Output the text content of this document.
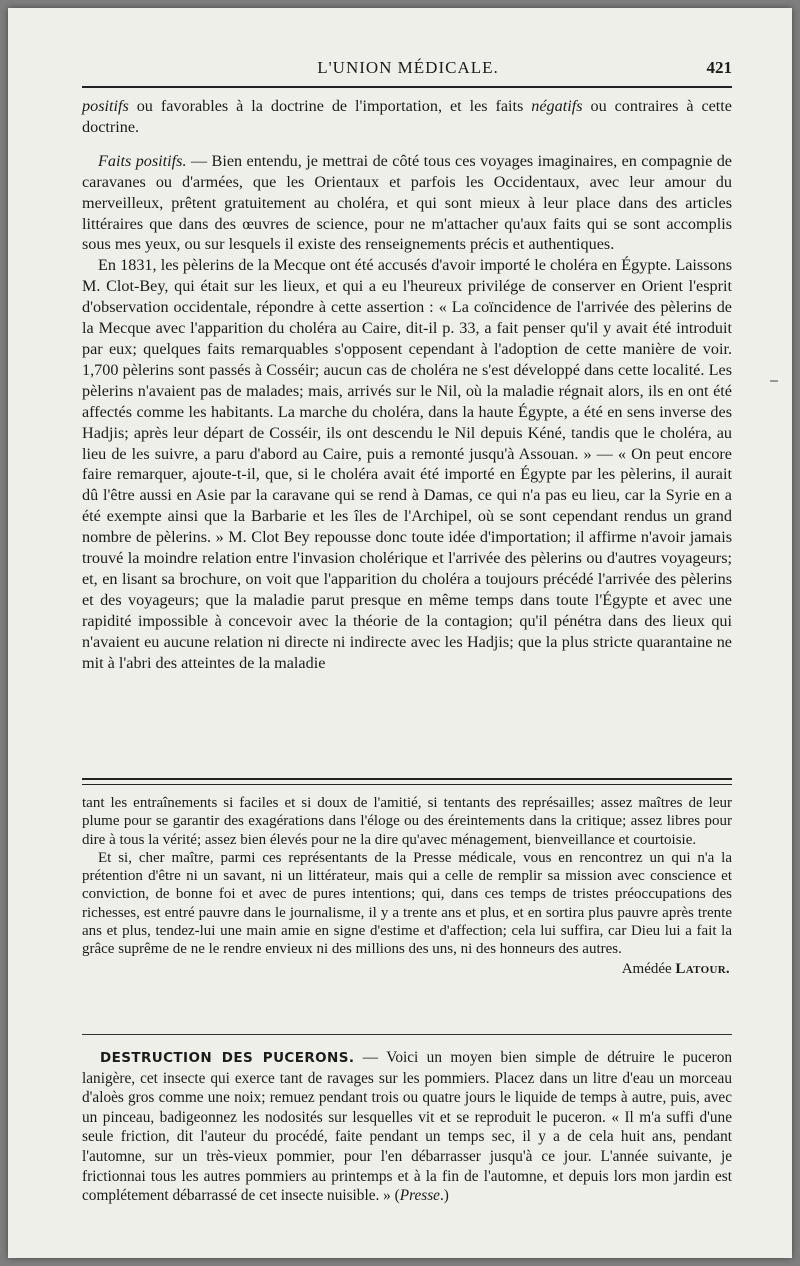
L'UNION MÉDICALE.	421

positifs ou favorables à la doctrine de l'importation, et les faits négatifs ou contraires à cette doctrine.

Faits positifs. — Bien entendu, je mettrai de côté tous ces voyages imaginaires, en compagnie de caravanes ou d'armées, que les Orientaux et parfois les Occidentaux, avec leur amour du merveilleux, prêtent gratuitement au choléra, et qui sont mieux à leur place dans des articles littéraires que dans des œuvres de science, pour ne m'attacher qu'aux faits qui se sont accomplis sous mes yeux, ou sur lesquels il existe des renseignements précis et authentiques.

En 1831, les pèlerins de la Mecque ont été accusés d'avoir importé le choléra en Égypte. Laissons M. Clot-Bey, qui était sur les lieux, et qui a eu l'heureux privilége de conserver en Orient l'esprit d'observation occidentale, répondre à cette assertion : « La coïncidence de l'arrivée des pèlerins de la Mecque avec l'apparition du choléra au Caire, dit-il p. 33, a fait penser qu'il y avait été introduit par eux; quelques faits remarquables s'opposent cependant à l'adoption de cette manière de voir. 1,700 pèlerins sont passés à Cosséir; aucun cas de choléra ne s'est développé dans cette localité. Les pèlerins n'avaient pas de malades; mais, arrivés sur le Nil, où la maladie régnait alors, ils en ont été affectés comme les habitants. La marche du choléra, dans la haute Égypte, a été en sens inverse des Hadjis; après leur départ de Cosséir, ils ont descendu le Nil depuis Kéné, tandis que le choléra, au lieu de les suivre, a paru d'abord au Caire, puis a remonté jusqu'à Assouan. » — « On peut encore faire remarquer, ajoute-t-il, que, si le choléra avait été importé en Égypte par les pèlerins, il aurait dû l'être aussi en Asie par la caravane qui se rend à Damas, ce qui n'a pas eu lieu, car la Syrie en a été exempte ainsi que la Barbarie et les îles de l'Archipel, où se sont cependant rendus un grand nombre de pèlerins. » M. Clot Bey repousse donc toute idée d'importation; il affirme n'avoir jamais trouvé la moindre relation entre l'invasion cholérique et l'arrivée des pèlerins ou d'autres voyageurs; et, en lisant sa brochure, on voit que l'apparition du choléra a toujours précédé l'arrivée des pèlerins et des voyageurs; que la maladie parut presque en même temps dans toute l'Égypte et avec une rapidité impossible à concevoir avec la théorie de la contagion; qu'il pénétra dans des lieux qui n'avaient eu aucune relation ni directe ni indirecte avec les Hadjis; que la plus stricte quarantaine ne mit à l'abri des atteintes de la maladie

tant les entraînements si faciles et si doux de l'amitié, si tentants des représailles; assez maîtres de leur plume pour se garantir des exagérations dans l'éloge ou des éreintements dans la critique; assez libres pour dire à tous la vérité; assez bien élevés pour ne la dire qu'avec ménagement, bienveillance et courtoisie.

Et si, cher maître, parmi ces représentants de la Presse médicale, vous en rencontrez un qui n'a la prétention d'être ni un savant, ni un littérateur, mais qui a celle de remplir sa mission avec conscience et conviction, de bonne foi et avec de pures intentions; qui, dans ces temps de tristes préoccupations des richesses, est entré pauvre dans le journalisme, il y a trente ans et plus, et en sortira plus pauvre après trente ans et plus, tendez-lui une main amie en signe d'estime et d'affection; cela lui suffira, car Dieu lui a fait la grâce suprême de ne le rendre envieux ni des millions des uns, ni des honneurs des autres.

Amédée Latour.

DESTRUCTION DES PUCERONS. — Voici un moyen bien simple de détruire le puceron lanigère, cet insecte qui exerce tant de ravages sur les pommiers. Placez dans un litre d'eau un morceau d'aloès gros comme une noix; remuez pendant trois ou quatre jours le liquide de temps à autre, puis, avec un pinceau, badigeonnez les nodosités sur lesquelles vit et se reproduit le puceron. « Il m'a suffi d'une seule friction, dit l'auteur du procédé, faite pendant un temps sec, il y a de cela huit ans, pendant l'automne, sur un très-vieux pommier, pour l'en débarrasser jusqu'à ce jour. L'année suivante, je frictionnai tous les autres pommiers au printemps et à la fin de l'automne, et depuis lors mon jardin est complétement débarrassé de cet insecte nuisible. » (Presse.)
